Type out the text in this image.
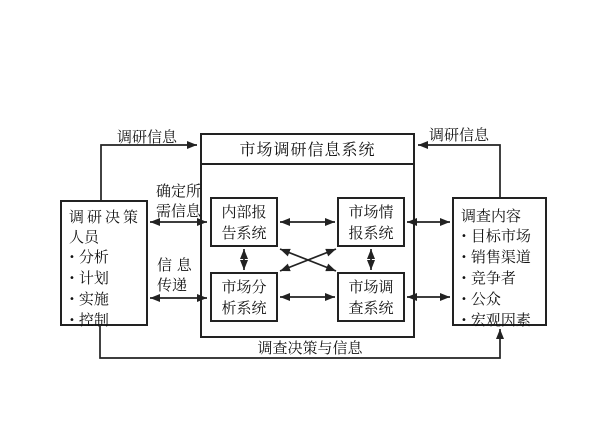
市场调研信息系统
内部报
告系统
市场情
报系统
市场分
析系统
市场调
查系统
调研决策
人员
• 分析
• 计划
• 实施
• 控制
调查内容
• 目标市场
• 销售渠道
• 竞争者
• 公众
• 宏观因素
调研信息	调研信息
确定所
需信息
信 息
传递
调查决策与信息
